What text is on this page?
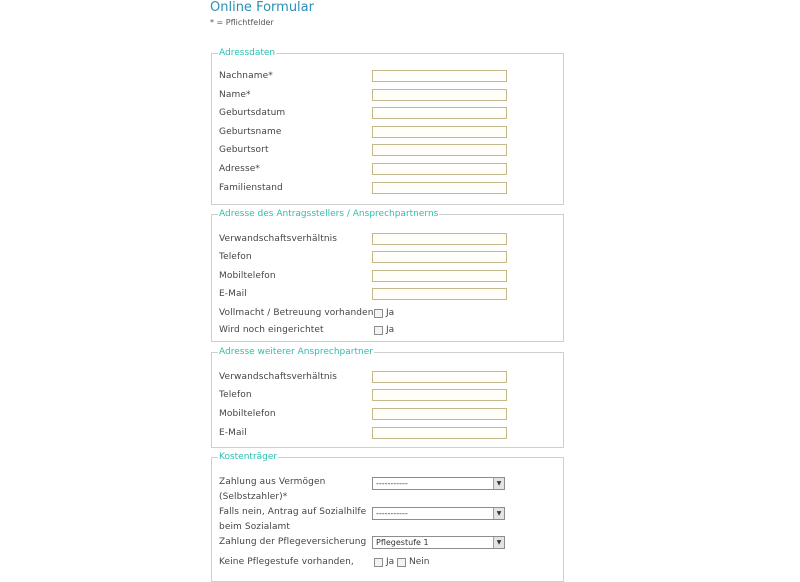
Online Formular
* = Pflichtfelder
Adressdaten
Nachname*
Name*
Geburtsdatum
Geburtsname
Geburtsort
Adresse*
Familienstand
Adresse des Antragsstellers / Ansprechpartnerns
Verwandschaftsverhältnis
Telefon
Mobiltelefon
E-Mail
Vollmacht / Betreuung vorhanden Ja
Wird noch eingerichtet	Ja
Adresse weiterer Ansprechpartner
Verwandschaftsverhältnis
Telefon
Mobiltelefon
E-Mail
Kostenträger
Zahlung aus Vermögen
(Selbstzahler)*
-----------	▼
Falls nein, Antrag auf Sozialhilfe
beim Sozialamt
-----------	▼
Zahlung der Pflegeversicherung	Pflegestufe 1	▼
Keine Pflegestufe vorhanden,	Ja Nein
